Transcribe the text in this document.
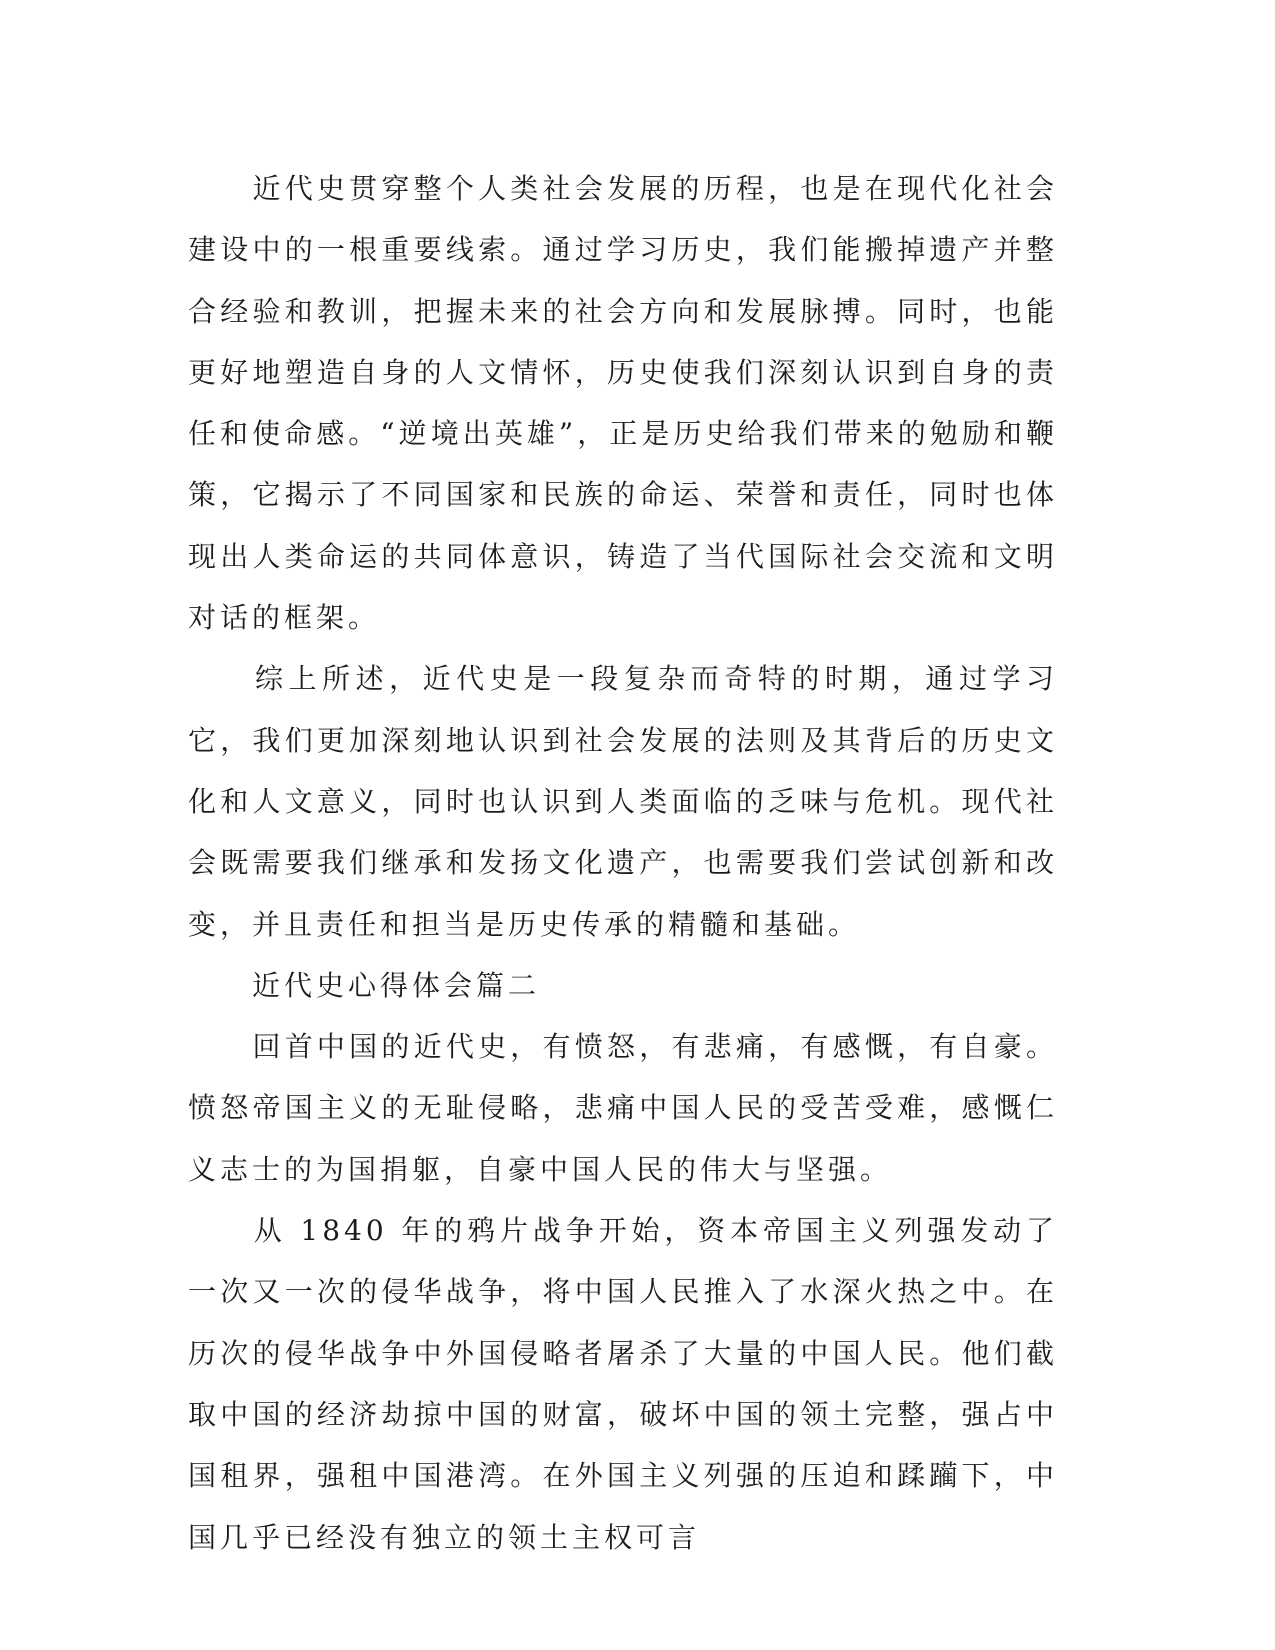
　　近代史贯穿整个人类社会发展的历程，也是在现代化社会建设中的一根重要线索。通过学习历史，我们能搬掉遗产并整合经验和教训，把握未来的社会方向和发展脉搏。同时，也能更好地塑造自身的人文情怀，历史使我们深刻认识到自身的责任和使命感。“逆境出英雄”，正是历史给我们带来的勉励和鞭策，它揭示了不同国家和民族的命运、荣誉和责任，同时也体现出人类命运的共同体意识，铸造了当代国际社会交流和文明对话的框架。

　　综上所述，近代史是一段复杂而奇特的时期，通过学习它，我们更加深刻地认识到社会发展的法则及其背后的历史文化和人文意义，同时也认识到人类面临的乏味与危机。现代社会既需要我们继承和发扬文化遗产，也需要我们尝试创新和改变，并且责任和担当是历史传承的精髓和基础。

　　近代史心得体会篇二

　　回首中国的近代史，有愤怒，有悲痛，有感慨，有自豪。愤怒帝国主义的无耻侵略，悲痛中国人民的受苦受难，感慨仁义志士的为国捐躯，自豪中国人民的伟大与坚强。

　　从 1840 年的鸦片战争开始，资本帝国主义列强发动了一次又一次的侵华战争，将中国人民推入了水深火热之中。在历次的侵华战争中外国侵略者屠杀了大量的中国人民。他们截取中国的经济劫掠中国的财富，破坏中国的领土完整，强占中国租界，强租中国港湾。在外国主义列强的压迫和蹂躏下，中国几乎已经没有独立的领土主权可言
